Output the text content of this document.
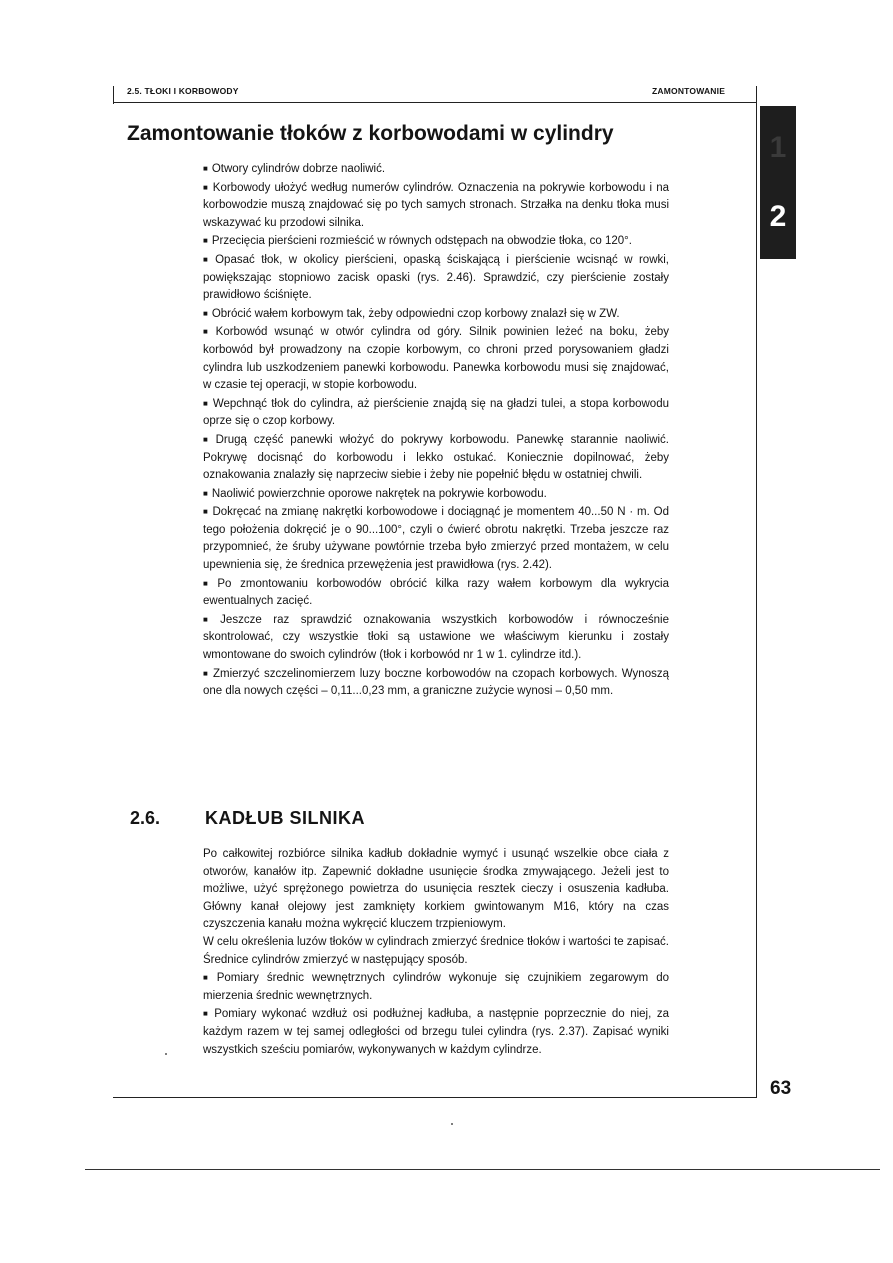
2.5. TŁOKI I KORBOWODY	ZAMONTOWANIE
1
2
Zamontowanie tłoków z korbowodami w cylindry

■ Otwory cylindrów dobrze naoliwić.

■ Korbowody ułożyć według numerów cylindrów. Oznaczenia na pokrywie korbowodu i na korbowodzie muszą znajdować się po tych samych stronach. Strzałka na denku tłoka musi wskazywać ku przodowi silnika.

■ Przecięcia pierścieni rozmieścić w równych odstępach na obwodzie tłoka, co 120°.

■ Opasać tłok, w okolicy pierścieni, opaską ściskającą i pierścienie wcisnąć w rowki, powiększając stopniowo zacisk opaski (rys. 2.46). Sprawdzić, czy pierścienie zostały prawidłowo ściśnięte.

■ Obrócić wałem korbowym tak, żeby odpowiedni czop korbowy znalazł się w ZW.

■ Korbowód wsunąć w otwór cylindra od góry. Silnik powinien leżeć na boku, żeby korbowód był prowadzony na czopie korbowym, co chroni przed porysowaniem gładzi cylindra lub uszkodzeniem panewki korbowodu. Panewka korbowodu musi się znajdować, w czasie tej operacji, w stopie korbowodu.

■ Wepchnąć tłok do cylindra, aż pierścienie znajdą się na gładzi tulei, a stopa korbowodu oprze się o czop korbowy.

■ Drugą część panewki włożyć do pokrywy korbowodu. Panewkę starannie naoliwić. Pokrywę docisnąć do korbowodu i lekko ostukać. Koniecznie dopilnować, żeby oznakowania znalazły się naprzeciw siebie i żeby nie popełnić błędu w ostatniej chwili.

■ Naoliwić powierzchnie oporowe nakrętek na pokrywie korbowodu.

■ Dokręcać na zmianę nakrętki korbowodowe i dociągnąć je momentem 40...50 N · m. Od tego położenia dokręcić je o 90...100°, czyli o ćwierć obrotu nakrętki. Trzeba jeszcze raz przypomnieć, że śruby używane powtórnie trzeba było zmierzyć przed montażem, w celu upewnienia się, że średnica przewężenia jest prawidłowa (rys. 2.42).

■ Po zmontowaniu korbowodów obrócić kilka razy wałem korbowym dla wykrycia ewentualnych zacięć.

■ Jeszcze raz sprawdzić oznakowania wszystkich korbowodów i równocześnie skontrolować, czy wszystkie tłoki są ustawione we właściwym kierunku i zostały wmontowane do swoich cylindrów (tłok i korbowód nr 1 w 1. cylindrze itd.).

■ Zmierzyć szczelinomierzem luzy boczne korbowodów na czopach korbowych. Wynoszą one dla nowych części – 0,11...0,23 mm, a graniczne zużycie wynosi – 0,50 mm.

2.6. KADŁUB SILNIKA

Po całkowitej rozbiórce silnika kadłub dokładnie wymyć i usunąć wszelkie obce ciała z otworów, kanałów itp. Zapewnić dokładne usunięcie środka zmywającego. Jeżeli jest to możliwe, użyć sprężonego powietrza do usunięcia resztek cieczy i osuszenia kadłuba. Główny kanał olejowy jest zamknięty korkiem gwintowanym M16, który na czas czyszczenia kanału można wykręcić kluczem trzpieniowym.

W celu określenia luzów tłoków w cylindrach zmierzyć średnice tłoków i wartości te zapisać. Średnice cylindrów zmierzyć w następujący sposób.

■ Pomiary średnic wewnętrznych cylindrów wykonuje się czujnikiem zegarowym do mierzenia średnic wewnętrznych.

■ Pomiary wykonać wzdłuż osi podłużnej kadłuba, a następnie poprzecznie do niej, za każdym razem w tej samej odległości od brzegu tulei cylindra (rys. 2.37). Zapisać wyniki wszystkich sześciu pomiarów, wykonywanych w każdym cylindrze.

63
